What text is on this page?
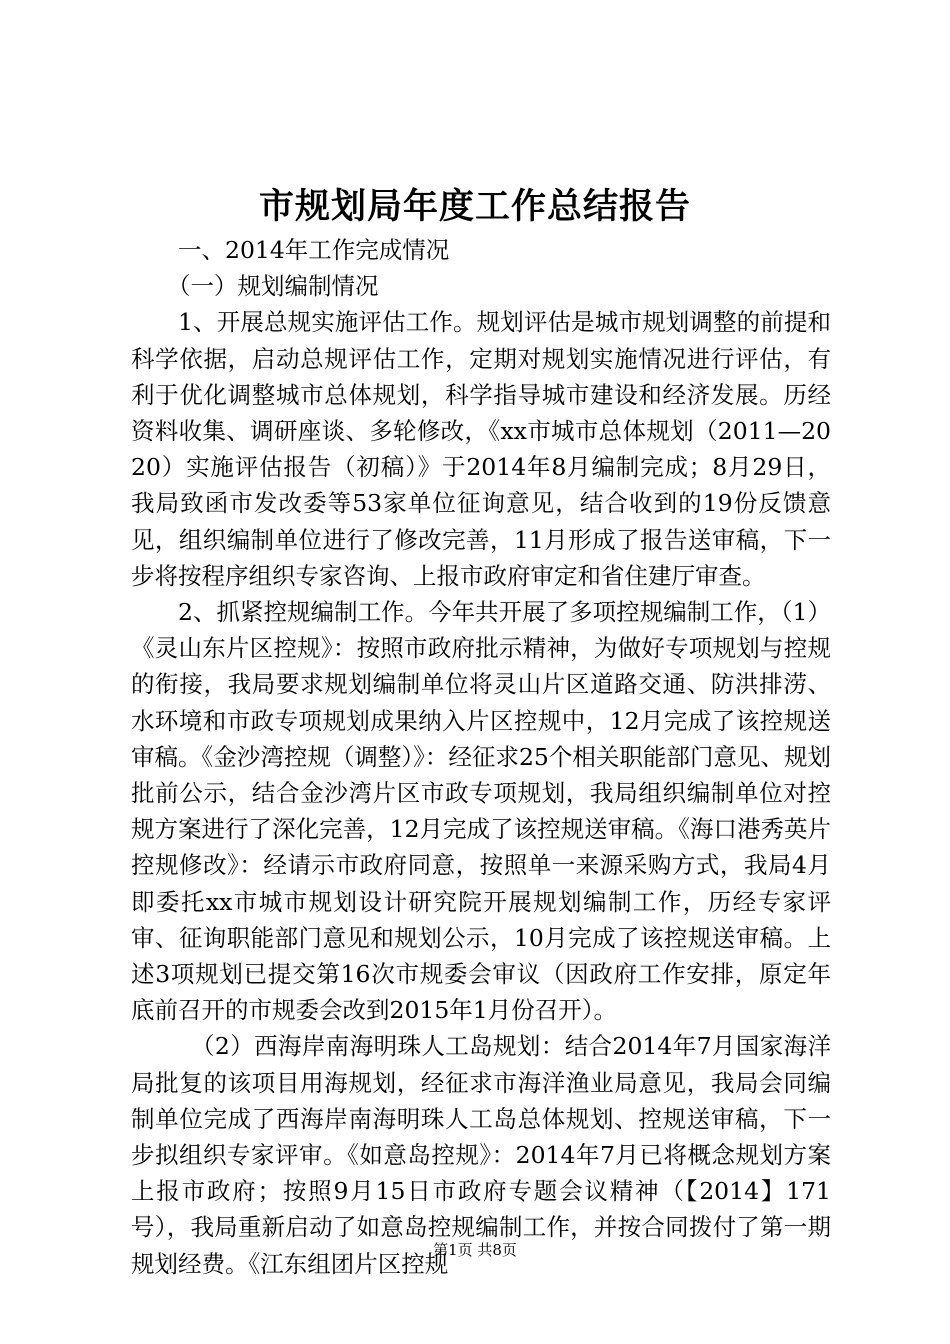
市规划局年度工作总结报告

一、2014年工作完成情况

（一）规划编制情况

1、开展总规实施评估工作。规划评估是城市规划调整的前提和科学依据，启动总规评估工作，定期对规划实施情况进行评估，有利于优化调整城市总体规划，科学指导城市建设和经济发展。历经资料收集、调研座谈、多轮修改，《xx市城市总体规划（2011—2020）实施评估报告（初稿）》于2014年8月编制完成；8月29日，我局致函市发改委等53家单位征询意见，结合收到的19份反馈意见，组织编制单位进行了修改完善，11月形成了报告送审稿，下一步将按程序组织专家咨询、上报市政府审定和省住建厅审查。

2、抓紧控规编制工作。今年共开展了多项控规编制工作，（1）《灵山东片区控规》：按照市政府批示精神，为做好专项规划与控规的衔接，我局要求规划编制单位将灵山片区道路交通、防洪排涝、水环境和市政专项规划成果纳入片区控规中，12月完成了该控规送审稿。《金沙湾控规（调整）》：经征求25个相关职能部门意见、规划批前公示，结合金沙湾片区市政专项规划，我局组织编制单位对控规方案进行了深化完善，12月完成了该控规送审稿。《海口港秀英片控规修改》：经请示市政府同意，按照单一来源采购方式，我局4月即委托xx市城市规划设计研究院开展规划编制工作，历经专家评审、征询职能部门意见和规划公示，10月完成了该控规送审稿。上述3项规划已提交第16次市规委会审议（因政府工作安排，原定年底前召开的市规委会改到2015年1月份召开）。

（2）西海岸南海明珠人工岛规划：结合2014年7月国家海洋局批复的该项目用海规划，经征求市海洋渔业局意见，我局会同编制单位完成了西海岸南海明珠人工岛总体规划、控规送审稿，下一步拟组织专家评审。《如意岛控规》：2014年7月已将概念规划方案上报市政府；按照9月15日市政府专题会议精神（【2014】171号），我局重新启动了如意岛控规编制工作，并按合同拨付了第一期规划经费。《江东组团片区控规

第1页 共8页
